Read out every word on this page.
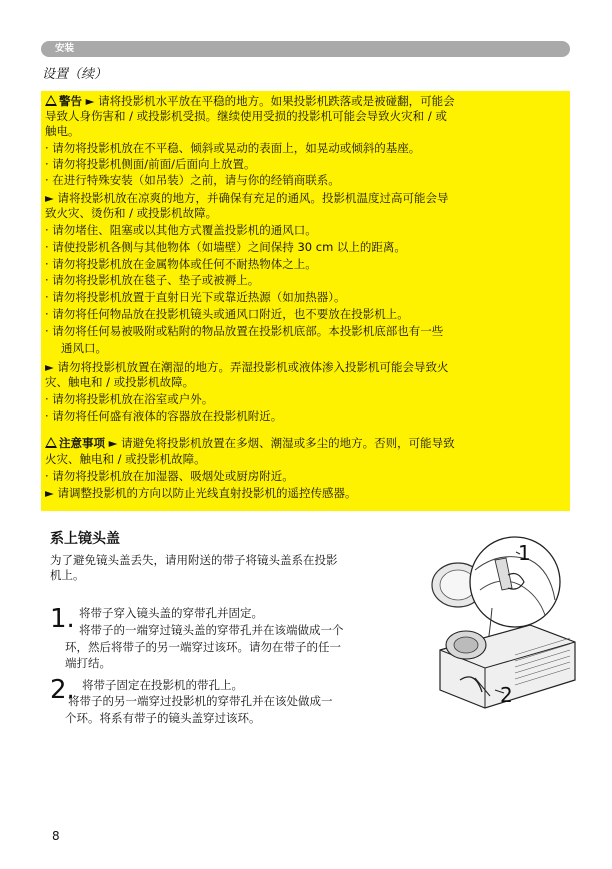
安装
设置（续）
警告 ► 请将投影机水平放在平稳的地方。如果投影机跌落或是被碰翻，可能会
导致人身伤害和 / 或投影机受损。继续使用受损的投影机可能会导致火灾和 / 或
触电。
· 请勿将投影机放在不平稳、倾斜或晃动的表面上，如晃动或倾斜的基座。
· 请勿将投影机侧面/前面/后面向上放置。
· 在进行特殊安装（如吊装）之前，请与你的经销商联系。
► 请将投影机放在凉爽的地方，并确保有充足的通风。投影机温度过高可能会导
致火灾、烫伤和 / 或投影机故障。
· 请勿堵住、阻塞或以其他方式覆盖投影机的通风口。
· 请使投影机各侧与其他物体（如墙壁）之间保持 30 cm 以上的距离。
· 请勿将投影机放在金属物体或任何不耐热物体之上。
· 请勿将投影机放在毯子、垫子或被褥上。
· 请勿将投影机放置于直射日光下或靠近热源（如加热器）。
· 请勿将任何物品放在投影机镜头或通风口附近，也不要放在投影机上。
· 请勿将任何易被吸附或粘附的物品放置在投影机底部。本投影机底部也有一些
通风口。
► 请勿将投影机放置在潮湿的地方。弄湿投影机或液体渗入投影机可能会导致火
灾、触电和 / 或投影机故障。
· 请勿将投影机放在浴室或户外。
· 请勿将任何盛有液体的容器放在投影机附近。
注意事项 ► 请避免将投影机放置在多烟、潮湿或多尘的地方。否则，可能导致
火灾、触电和 / 或投影机故障。
· 请勿将投影机放在加湿器、吸烟处或厨房附近。
► 请调整投影机的方向以防止光线直射投影机的遥控传感器。
系上镜头盖
为了避免镜头盖丢失，请用附送的带子将镜头盖系在投影
机上。
1. 将带子穿入镜头盖的穿带孔并固定。
将带子的一端穿过镜头盖的穿带孔并在该端做成一个
环，然后将带子的另一端穿过该环。请勿在带子的任一
端打结。
2. 将带子固定在投影机的带孔上。
将带子的另一端穿过投影机的穿带孔并在该处做成一
个环。将系有带子的镜头盖穿过该环。
1
2
8
